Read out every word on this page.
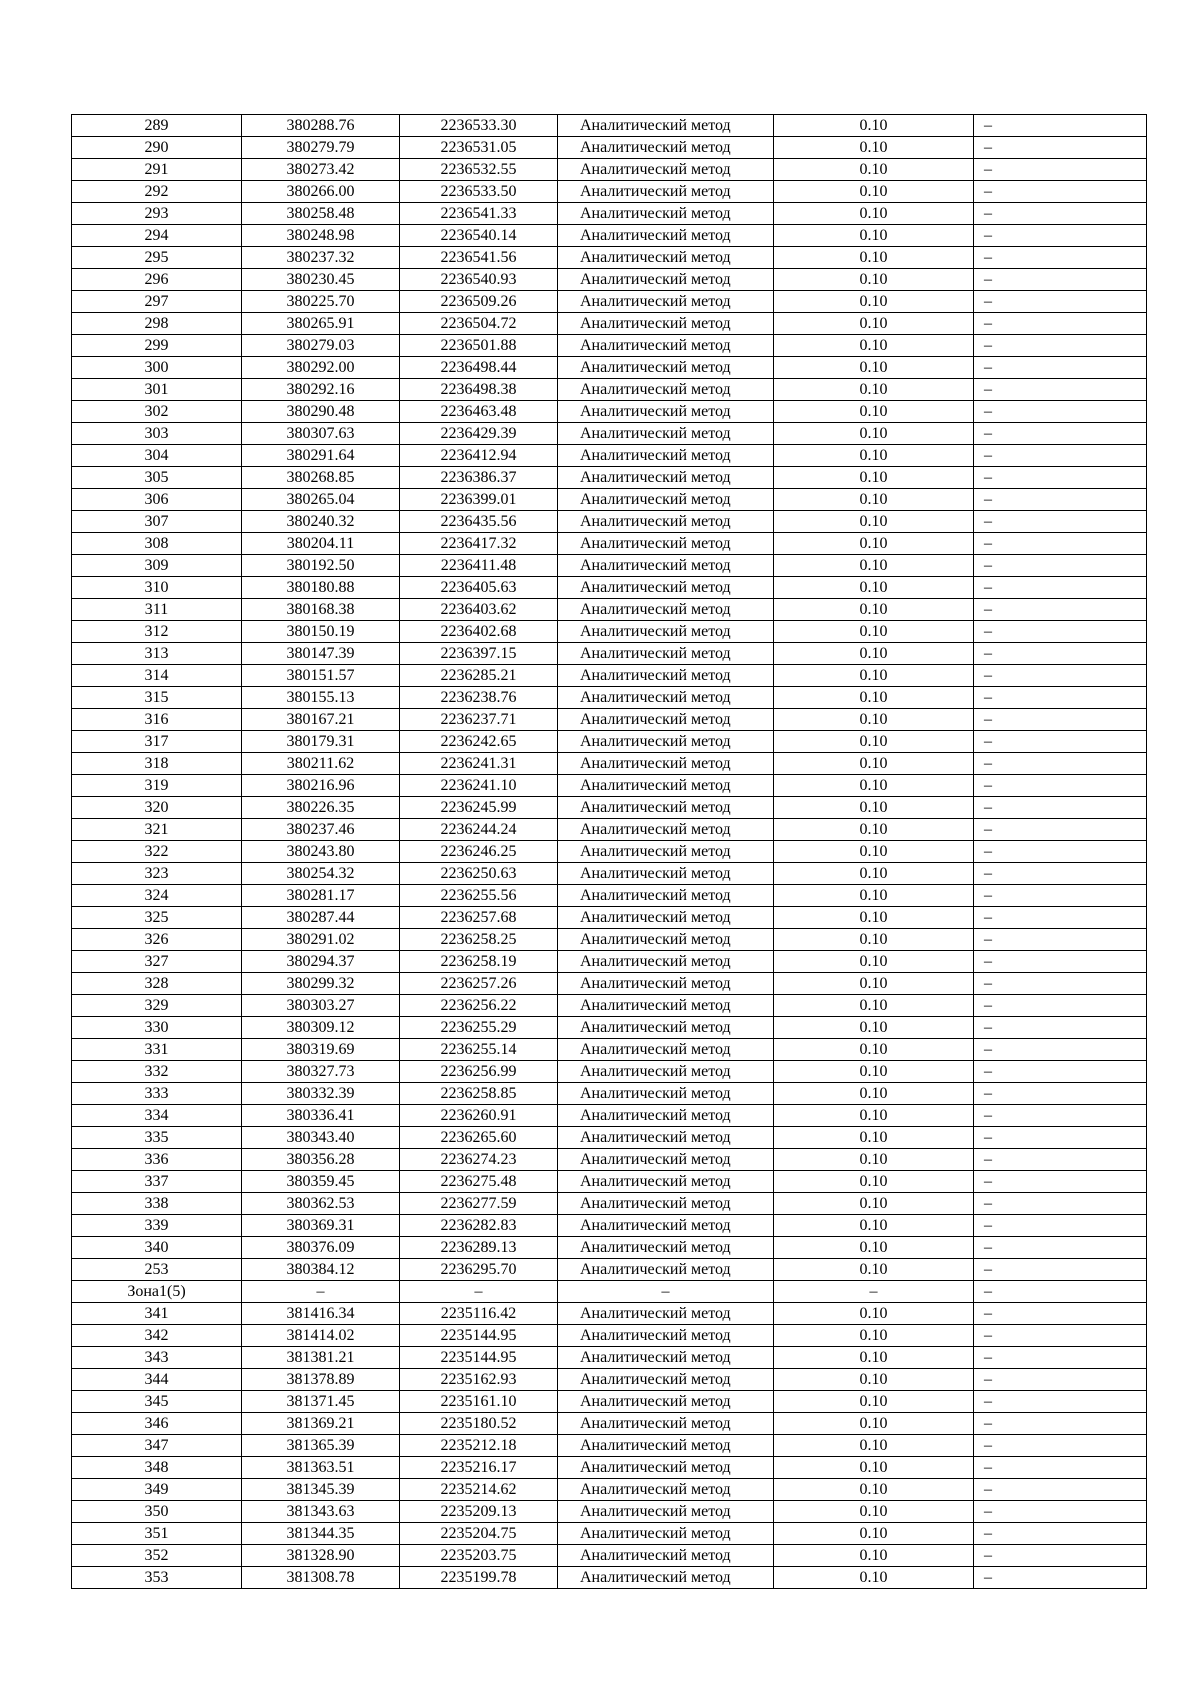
289	380288.76	2236533.30	Аналитический метод	0.10	–
290	380279.79	2236531.05	Аналитический метод	0.10	–
291	380273.42	2236532.55	Аналитический метод	0.10	–
292	380266.00	2236533.50	Аналитический метод	0.10	–
293	380258.48	2236541.33	Аналитический метод	0.10	–
294	380248.98	2236540.14	Аналитический метод	0.10	–
295	380237.32	2236541.56	Аналитический метод	0.10	–
296	380230.45	2236540.93	Аналитический метод	0.10	–
297	380225.70	2236509.26	Аналитический метод	0.10	–
298	380265.91	2236504.72	Аналитический метод	0.10	–
299	380279.03	2236501.88	Аналитический метод	0.10	–
300	380292.00	2236498.44	Аналитический метод	0.10	–
301	380292.16	2236498.38	Аналитический метод	0.10	–
302	380290.48	2236463.48	Аналитический метод	0.10	–
303	380307.63	2236429.39	Аналитический метод	0.10	–
304	380291.64	2236412.94	Аналитический метод	0.10	–
305	380268.85	2236386.37	Аналитический метод	0.10	–
306	380265.04	2236399.01	Аналитический метод	0.10	–
307	380240.32	2236435.56	Аналитический метод	0.10	–
308	380204.11	2236417.32	Аналитический метод	0.10	–
309	380192.50	2236411.48	Аналитический метод	0.10	–
310	380180.88	2236405.63	Аналитический метод	0.10	–
311	380168.38	2236403.62	Аналитический метод	0.10	–
312	380150.19	2236402.68	Аналитический метод	0.10	–
313	380147.39	2236397.15	Аналитический метод	0.10	–
314	380151.57	2236285.21	Аналитический метод	0.10	–
315	380155.13	2236238.76	Аналитический метод	0.10	–
316	380167.21	2236237.71	Аналитический метод	0.10	–
317	380179.31	2236242.65	Аналитический метод	0.10	–
318	380211.62	2236241.31	Аналитический метод	0.10	–
319	380216.96	2236241.10	Аналитический метод	0.10	–
320	380226.35	2236245.99	Аналитический метод	0.10	–
321	380237.46	2236244.24	Аналитический метод	0.10	–
322	380243.80	2236246.25	Аналитический метод	0.10	–
323	380254.32	2236250.63	Аналитический метод	0.10	–
324	380281.17	2236255.56	Аналитический метод	0.10	–
325	380287.44	2236257.68	Аналитический метод	0.10	–
326	380291.02	2236258.25	Аналитический метод	0.10	–
327	380294.37	2236258.19	Аналитический метод	0.10	–
328	380299.32	2236257.26	Аналитический метод	0.10	–
329	380303.27	2236256.22	Аналитический метод	0.10	–
330	380309.12	2236255.29	Аналитический метод	0.10	–
331	380319.69	2236255.14	Аналитический метод	0.10	–
332	380327.73	2236256.99	Аналитический метод	0.10	–
333	380332.39	2236258.85	Аналитический метод	0.10	–
334	380336.41	2236260.91	Аналитический метод	0.10	–
335	380343.40	2236265.60	Аналитический метод	0.10	–
336	380356.28	2236274.23	Аналитический метод	0.10	–
337	380359.45	2236275.48	Аналитический метод	0.10	–
338	380362.53	2236277.59	Аналитический метод	0.10	–
339	380369.31	2236282.83	Аналитический метод	0.10	–
340	380376.09	2236289.13	Аналитический метод	0.10	–
253	380384.12	2236295.70	Аналитический метод	0.10	–
Зона1(5)	–	–	–	–	–
341	381416.34	2235116.42	Аналитический метод	0.10	–
342	381414.02	2235144.95	Аналитический метод	0.10	–
343	381381.21	2235144.95	Аналитический метод	0.10	–
344	381378.89	2235162.93	Аналитический метод	0.10	–
345	381371.45	2235161.10	Аналитический метод	0.10	–
346	381369.21	2235180.52	Аналитический метод	0.10	–
347	381365.39	2235212.18	Аналитический метод	0.10	–
348	381363.51	2235216.17	Аналитический метод	0.10	–
349	381345.39	2235214.62	Аналитический метод	0.10	–
350	381343.63	2235209.13	Аналитический метод	0.10	–
351	381344.35	2235204.75	Аналитический метод	0.10	–
352	381328.90	2235203.75	Аналитический метод	0.10	–
353	381308.78	2235199.78	Аналитический метод	0.10	–
